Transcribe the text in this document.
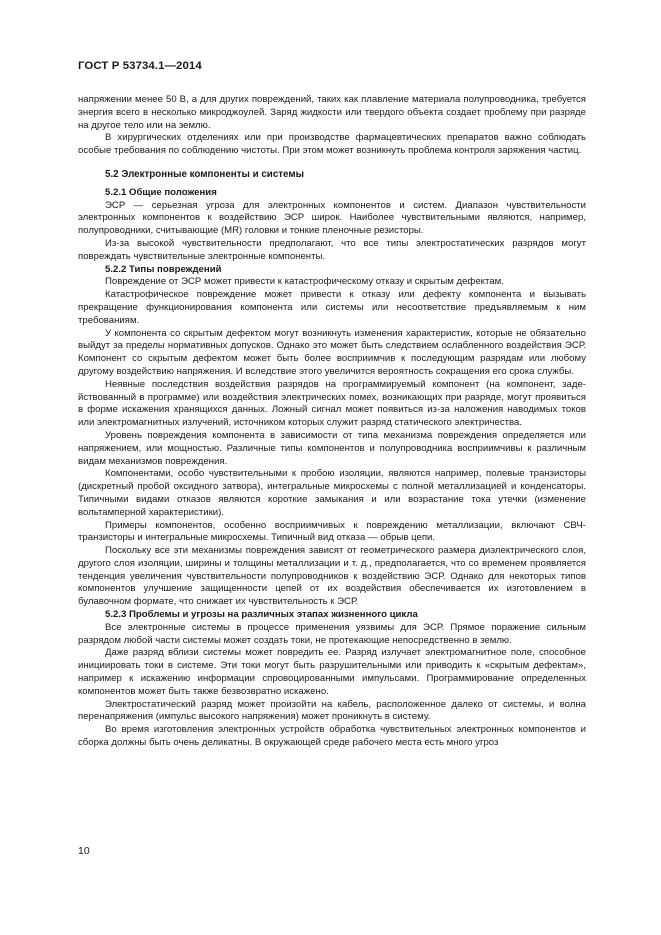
ГОСТ Р 53734.1—2014

напряжении менее 50 В, а для других повреждений, таких как плавление материала полупроводника, требуется энергия всего в несколько микроджоулей. Заряд жидкости или твердого объекта создает проблему при разряде на другое тело или на землю.

В хирургических отделениях или при производстве фармацевтических препаратов важно соблюдать особые требования по соблюдению чистоты. При этом может возникнуть проблема контроля заряжения частиц.

5.2 Электронные компоненты и системы
5.2.1 Общие положения

ЭСР — серьезная угроза для электронных компонентов и систем. Диапазон чувствительности электронных компонентов к воздействию ЭСР широк. Наиболее чувствительными являются, например, полупроводники, считывающие (MR) головки и тонкие пленочные резисторы.

Из-за высокой чувствительности предполагают, что все типы электростатических разрядов могут повреждать чувствительные электронные компоненты.

5.2.2 Типы повреждений

Повреждение от ЭСР может привести к катастрофическому отказу и скрытым дефектам.

Катастрофическое повреждение может привести к отказу или дефекту компонента и вызывать прекращение функционирования компонента или системы или несоответствие предъявляемым к ним требованиям.

У компонента со скрытым дефектом могут возникнуть изменения характеристик, которые не обязательно выйдут за пределы нормативных допусков. Однако это может быть следствием ослабленного воздействия ЭСР. Компонент со скрытым дефектом может быть более восприимчив к последующим разрядам или любому другому воздействию напряжения. И вследствие этого увеличится вероятность сокращения его срока службы.

Неявные последствия воздействия разрядов на программируемый компонент (на компонент, задействованный в программе) или воздействия электрических помех, возникающих при разряде, могут проявиться в форме искажения хранящихся данных. Ложный сигнал может появиться из-за наложения наводимых токов или электромагнитных излучений, источником которых служит разряд статического электричества.

Уровень повреждения компонента в зависимости от типа механизма повреждения определяется или напряжением, или мощностью. Различные типы компонентов и полупроводника восприимчивы к различным видам механизмов повреждения.

Компонентами, особо чувствительными к пробою изоляции, являются например, полевые транзисторы (дискретный пробой оксидного затвора), интегральные микросхемы с полной металлизацией и конденсаторы. Типичными видами отказов являются короткие замыкания и или возрастание тока утечки (изменение вольтамперной характеристики).

Примеры компонентов, особенно восприимчивых к повреждению металлизации, включают СВЧ-транзисторы и интегральные микросхемы. Типичный вид отказа — обрыв цепи.

Поскольку все эти механизмы повреждения зависят от геометрического размера диэлектрического слоя, другого слоя изоляции, ширины и толщины металлизации и т. д., предполагается, что со временем проявляется тенденция увеличения чувствительности полупроводников к воздействию ЭСР. Однако для некоторых типов компонентов улучшение защищенности цепей от их воздействия обеспечивается их изготовлением в булавочном формате, что снижает их чувствительность к ЭСР.

5.2.3 Проблемы и угрозы на различных этапах жизненного цикла

Все электронные системы в процессе применения уязвимы для ЭСР. Прямое поражение сильным разрядом любой части системы может создать токи, не протекающие непосредственно в землю.

Даже разряд вблизи системы может повредить ее. Разряд излучает электромагнитное поле, способное инициировать токи в системе. Эти токи могут быть разрушительными или приводить к «скрытым дефектам», например к искажению информации спровоцированными импульсами. Программирование определенных компонентов может быть также безвозвратно искажено.

Электростатический разряд может произойти на кабель, расположенное далеко от системы, и волна перенапряжения (импульс высокого напряжения) может проникнуть в систему.

Во время изготовления электронных устройств обработка чувствительных электронных компонентов и сборка должны быть очень деликатны. В окружающей среде рабочего места есть много угроз

10
